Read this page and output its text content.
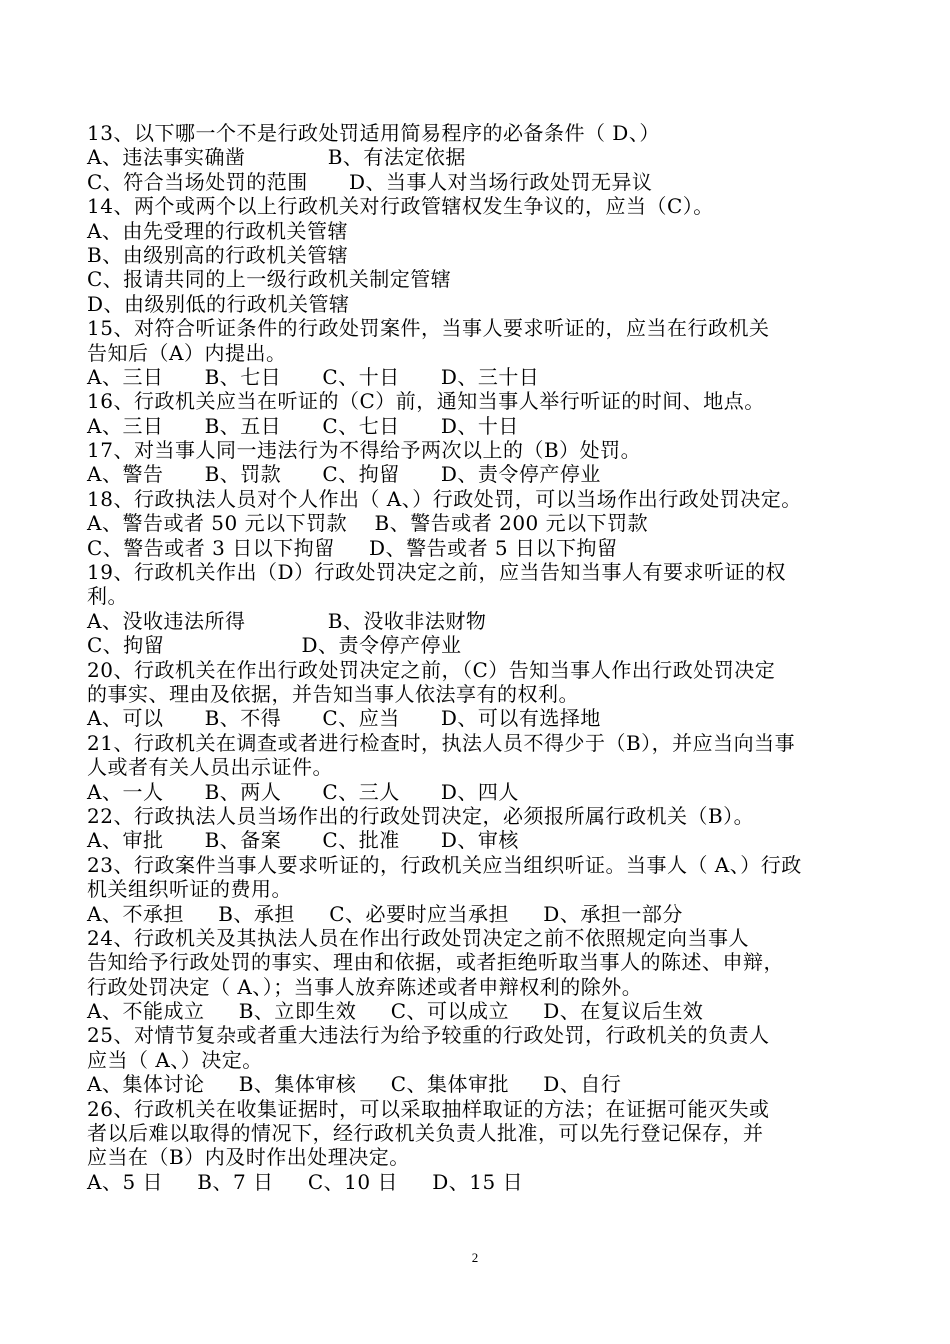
13、以下哪一个不是行政处罚适用简易程序的必备条件（ D、）
A、违法事实确凿            B、有法定依据
C、符合当场处罚的范围      D、当事人对当场行政处罚无异议
14、两个或两个以上行政机关对行政管辖权发生争议的，应当（C）。
A、由先受理的行政机关管辖
B、由级别高的行政机关管辖
C、报请共同的上一级行政机关制定管辖
D、由级别低的行政机关管辖
15、对符合听证条件的行政处罚案件，当事人要求听证的，应当在行政机关
告知后（A）内提出。
A、三日      B、七日      C、十日      D、三十日
16、行政机关应当在听证的（C）前，通知当事人举行听证的时间、地点。
A、三日      B、五日      C、七日      D、十日
17、对当事人同一违法行为不得给予两次以上的（B）处罚。
A、警告      B、罚款      C、拘留      D、责令停产停业
18、行政执法人员对个人作出（ A、）行政处罚，可以当场作出行政处罚决定。
A、警告或者 50 元以下罚款    B、警告或者 200 元以下罚款
C、警告或者 3 日以下拘留     D、警告或者 5 日以下拘留
19、行政机关作出（D）行政处罚决定之前，应当告知当事人有要求听证的权
利。
A、没收违法所得            B、没收非法财物
C、拘留                    D、责令停产停业
20、行政机关在作出行政处罚决定之前，（C）告知当事人作出行政处罚决定
的事实、理由及依据，并告知当事人依法享有的权利。
A、可以      B、不得      C、应当      D、可以有选择地
21、行政机关在调查或者进行检查时，执法人员不得少于（B），并应当向当事
人或者有关人员出示证件。
A、一人      B、两人      C、三人      D、四人
22、行政执法人员当场作出的行政处罚决定，必须报所属行政机关（B）。
A、审批      B、备案      C、批准      D、审核
23、行政案件当事人要求听证的，行政机关应当组织听证。当事人（ A、）行政
机关组织听证的费用。
A、不承担     B、承担     C、必要时应当承担     D、承担一部分
24、行政机关及其执法人员在作出行政处罚决定之前不依照规定向当事人
告知给予行政处罚的事实、理由和依据，或者拒绝听取当事人的陈述、申辩，
行政处罚决定（ A、）；当事人放弃陈述或者申辩权利的除外。
A、不能成立     B、立即生效     C、可以成立     D、在复议后生效
25、对情节复杂或者重大违法行为给予较重的行政处罚，行政机关的负责人
应当（ A、）决定。
A、集体讨论     B、集体审核     C、集体审批     D、自行
26、行政机关在收集证据时，可以采取抽样取证的方法；在证据可能灭失或
者以后难以取得的情况下，经行政机关负责人批准，可以先行登记保存，并
应当在（B）内及时作出处理决定。
A、5 日     B、7 日     C、10 日     D、15 日
2
